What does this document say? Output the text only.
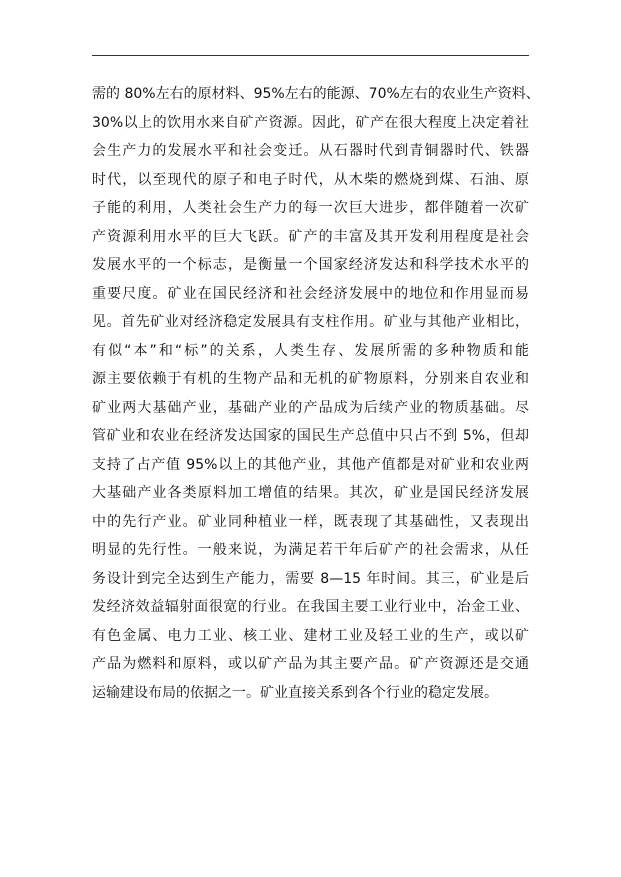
需的 80%左右的原材料、95%左右的能源、70%左右的农业生产资料、
30%以上的饮用水来自矿产资源。因此，矿产在很大程度上决定着社
会生产力的发展水平和社会变迁。从石器时代到青铜器时代、铁器
时代，以至现代的原子和电子时代，从木柴的燃烧到煤、石油、原
子能的利用，人类社会生产力的每一次巨大进步，都伴随着一次矿
产资源利用水平的巨大飞跃。矿产的丰富及其开发利用程度是社会
发展水平的一个标志，是衡量一个国家经济发达和科学技术水平的
重要尺度。矿业在国民经济和社会经济发展中的地位和作用显而易
见。首先矿业对经济稳定发展具有支柱作用。矿业与其他产业相比，
有似“本”和“标”的关系，人类生存、发展所需的多种物质和能
源主要依赖于有机的生物产品和无机的矿物原料，分别来自农业和
矿业两大基础产业，基础产业的产品成为后续产业的物质基础。尽
管矿业和农业在经济发达国家的国民生产总值中只占不到 5%，但却
支持了占产值 95%以上的其他产业，其他产值都是对矿业和农业两
大基础产业各类原料加工增值的结果。其次，矿业是国民经济发展
中的先行产业。矿业同种植业一样，既表现了其基础性，又表现出
明显的先行性。一般来说，为满足若干年后矿产的社会需求，从任
务设计到完全达到生产能力，需要 8—15 年时间。其三，矿业是后
发经济效益辐射面很宽的行业。在我国主要工业行业中，冶金工业、
有色金属、电力工业、核工业、建材工业及轻工业的生产，或以矿
产品为燃料和原料，或以矿产品为其主要产品。矿产资源还是交通
运输建设布局的依据之一。矿业直接关系到各个行业的稳定发展。
